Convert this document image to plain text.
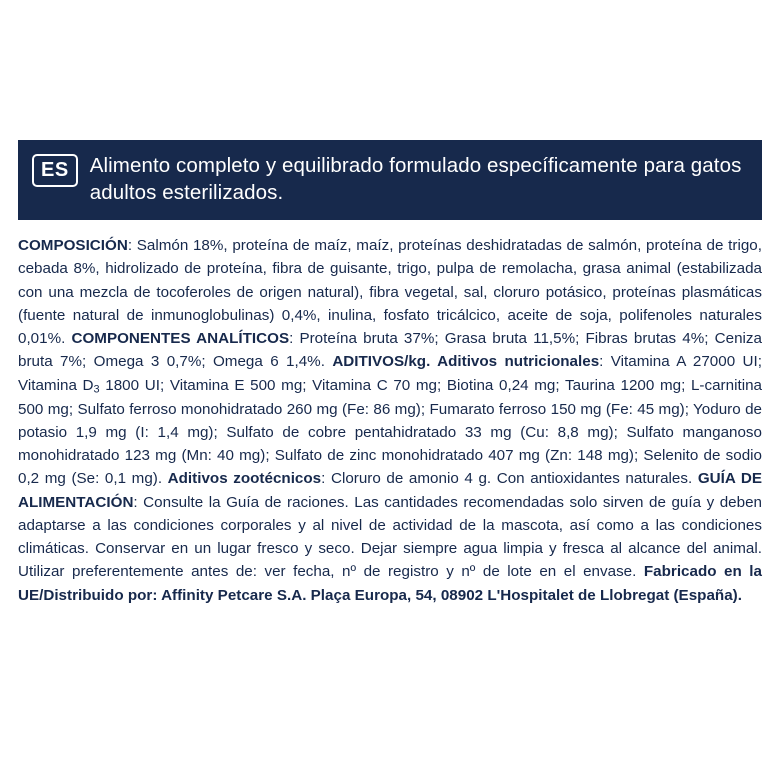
ES	Alimento completo y equilibrado formulado específicamente para gatos adultos esterilizados.
COMPOSICIÓN: Salmón 18%, proteína de maíz, maíz, proteínas deshidratadas de salmón, proteína de trigo, cebada 8%, hidrolizado de proteína, fibra de guisante, trigo, pulpa de remolacha, grasa animal (estabilizada con una mezcla de tocoferoles de origen natural), fibra vegetal, sal, cloruro potásico, proteínas plasmáticas (fuente natural de inmunoglobulinas) 0,4%, inulina, fosfato tricálcico, aceite de soja, polifenoles naturales 0,01%. COMPONENTES ANALÍTICOS: Proteína bruta 37%; Grasa bruta 11,5%; Fibras brutas 4%; Ceniza bruta 7%; Omega 3 0,7%; Omega 6 1,4%. ADITIVOS/kg. Aditivos nutricionales: Vitamina A 27000 UI; Vitamina $D_3$ 1800 UI; Vitamina E 500 mg; Vitamina C 70 mg; Biotina 0,24 mg; Taurina 1200 mg; L-carnitina 500 mg; Sulfato ferroso monohidratado 260 mg (Fe: 86 mg); Fumarato ferroso 150 mg (Fe: 45 mg); Yoduro de potasio 1,9 mg (I: 1,4 mg); Sulfato de cobre pentahidratado 33 mg (Cu: 8,8 mg); Sulfato manganoso monohidratado 123 mg (Mn: 40 mg); Sulfato de zinc monohidratado 407 mg (Zn: 148 mg); Selenito de sodio 0,2 mg (Se: 0,1 mg). Aditivos zootécnicos: Cloruro de amonio 4 g. Con antioxidantes naturales. GUÍA DE ALIMENTACIÓN: Consulte la Guía de raciones. Las cantidades recomendadas solo sirven de guía y deben adaptarse a las condiciones corporales y al nivel de actividad de la mascota, así como a las condiciones climáticas. Conservar en un lugar fresco y seco. Dejar siempre agua limpia y fresca al alcance del animal. Utilizar preferentemente antes de: ver fecha, nº de registro y nº de lote en el envase. Fabricado en la UE/Distribuido por: Affinity Petcare S.A. Plaça Europa, 54, 08902 L'Hospitalet de Llobregat (España).
